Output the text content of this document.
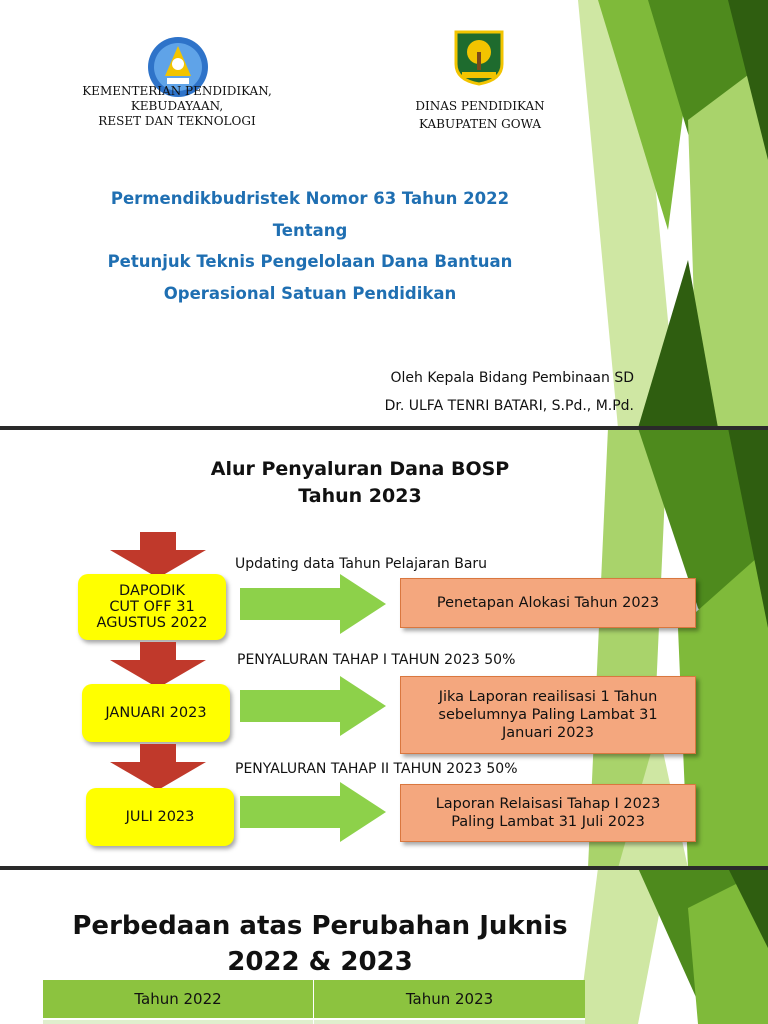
KEMENTERIAN PENDIDIKAN,
KEBUDAYAAN,
RESET DAN TEKNOLOGI
DINAS PENDIDIKAN
KABUPATEN GOWA
Permendikbudristek Nomor 63 Tahun 2022
Tentang
Petunjuk Teknis Pengelolaan Dana Bantuan
Operasional Satuan Pendidikan
Oleh Kepala Bidang Pembinaan SD
Dr. ULFA TENRI BATARI, S.Pd., M.Pd.
Alur Penyaluran Dana BOSP
Tahun 2023
Updating data Tahun Pelajaran Baru
DAPODIK
CUT OFF 31
AGUSTUS 2022
Penetapan Alokasi Tahun 2023
PENYALURAN TAHAP I TAHUN 2023 50%
JANUARI 2023
Jika Laporan reailisasi 1 Tahun
sebelumnya Paling Lambat 31
Januari 2023
PENYALURAN TAHAP II TAHUN 2023 50%
JULI 2023
Laporan Relaisasi Tahap I 2023
Paling Lambat 31 Juli 2023
Perbedaan atas Perubahan Juknis
2022 & 2023
Tahun 2022	Tahun 2023
